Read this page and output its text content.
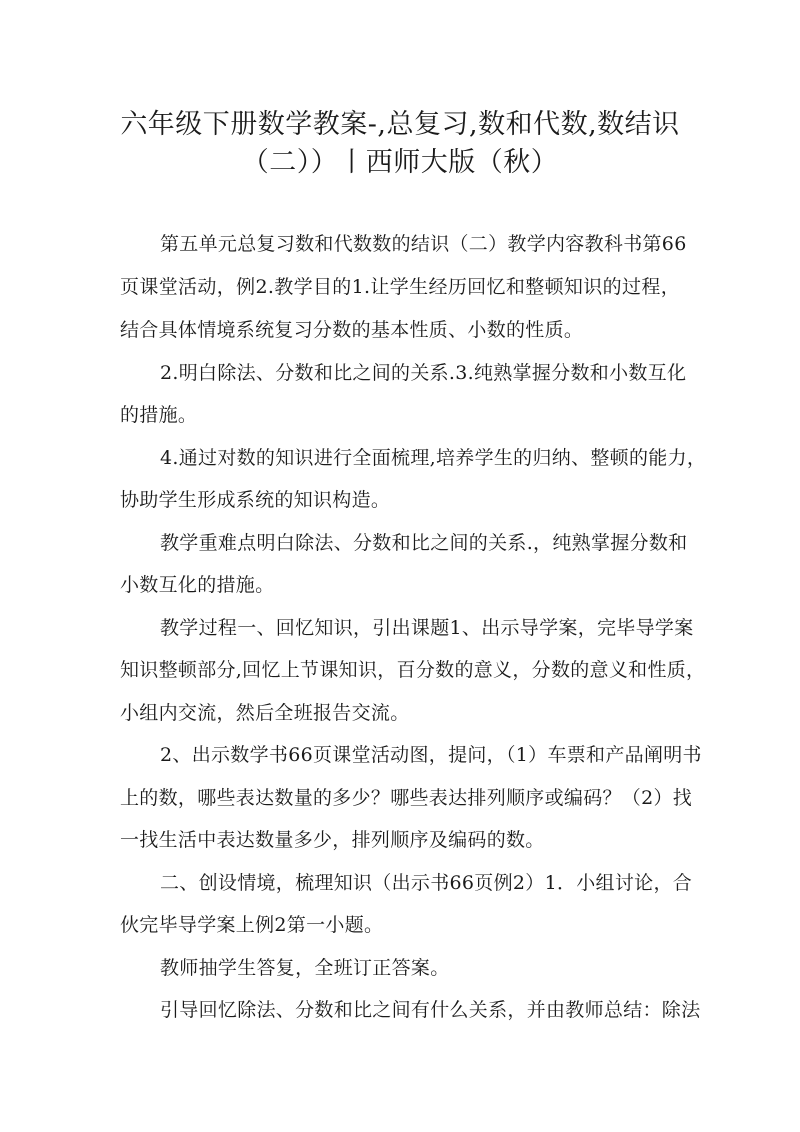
六年级下册数学教案-,总复习,数和代数,数结识
（二））丨西师大版（秋）
第五单元总复习数和代数数的结识（二）教学内容教科书第66
页课堂活动，例2.教学目的1.让学生经历回忆和整顿知识的过程，
结合具体情境系统复习分数的基本性质、小数的性质。
2.明白除法、分数和比之间的关系.3.纯熟掌握分数和小数互化
的措施。
4.通过对数的知识进行全面梳理,培养学生的归纳、整顿的能力，
协助学生形成系统的知识构造。
教学重难点明白除法、分数和比之间的关系.，纯熟掌握分数和
小数互化的措施。
教学过程一、回忆知识，引出课题1、出示导学案，完毕导学案
知识整顿部分,回忆上节课知识，百分数的意义，分数的意义和性质，
小组内交流，然后全班报告交流。
2、出示数学书66页课堂活动图，提问，（1）车票和产品阐明书
上的数，哪些表达数量的多少？哪些表达排列顺序或编码？（2）找
一找生活中表达数量多少，排列顺序及编码的数。
二、创设情境，梳理知识（出示书66页例2）1．小组讨论，合
伙完毕导学案上例2第一小题。
教师抽学生答复，全班订正答案。
引导回忆除法、分数和比之间有什么关系，并由教师总结：除法
